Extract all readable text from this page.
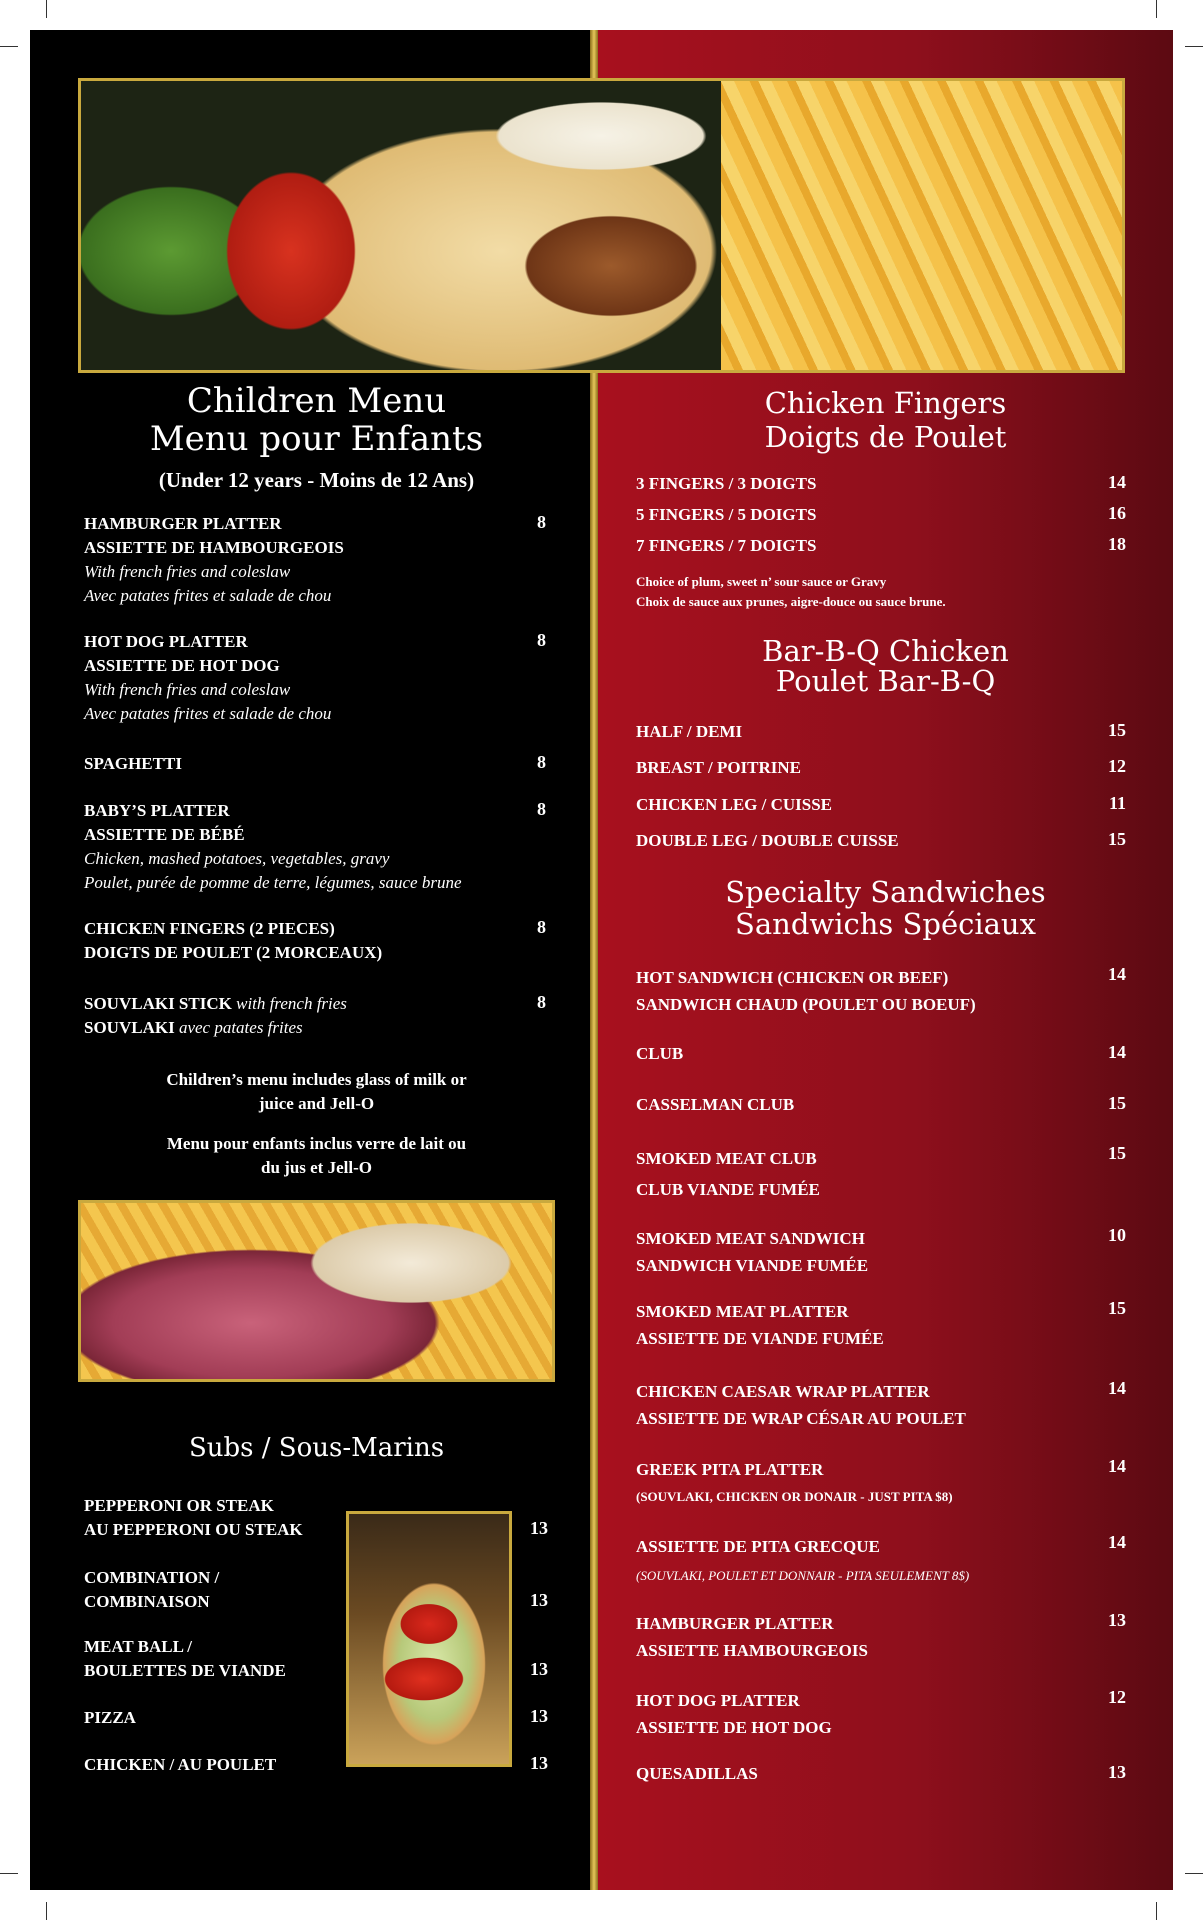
Children Menu
Menu pour Enfants
(Under 12 years - Moins de 12 Ans)
HAMBURGER PLATTER
ASSIETTE DE HAMBOURGEOIS
With french fries and coleslaw
Avec patates frites et salade de chou
8
HOT DOG PLATTER
ASSIETTE DE HOT DOG
With french fries and coleslaw
Avec patates frites et salade de chou
8
SPAGHETTI	8
BABY’S PLATTER
ASSIETTE DE BÉBÉ
Chicken, mashed potatoes, vegetables, gravy
Poulet, purée de pomme de terre, légumes, sauce brune
8
CHICKEN FINGERS (2 PIECES)
DOIGTS DE POULET (2 MORCEAUX)
8
SOUVLAKI STICK with french fries
SOUVLAKI avec patates frites
8
Children’s menu includes glass of milk or
juice and Jell-O
Menu pour enfants inclus verre de lait ou
du jus et Jell-O
Subs / Sous-Marins
PEPPERONI OR STEAK
AU PEPPERONI OU STEAK	13
COMBINATION /
COMBINAISON	13
MEAT BALL /
BOULETTES DE VIANDE	13
PIZZA	13
CHICKEN / AU POULET	13
Chicken Fingers
Doigts de Poulet
3 FINGERS / 3 DOIGTS	14
5 FINGERS / 5 DOIGTS	16
7 FINGERS / 7 DOIGTS	18
Choice of plum, sweet n’ sour sauce or Gravy
Choix de sauce aux prunes, aigre-douce ou sauce brune.
Bar-B-Q Chicken
Poulet Bar-B-Q
HALF / DEMI	15
BREAST / POITRINE	12
CHICKEN LEG / CUISSE	11
DOUBLE LEG / DOUBLE CUISSE	15
Specialty Sandwiches
Sandwichs Spéciaux
HOT SANDWICH (CHICKEN OR BEEF)
SANDWICH CHAUD (POULET OU BOEUF)
14
CLUB	14
CASSELMAN CLUB	15
SMOKED MEAT CLUB
CLUB VIANDE FUMÉE
15
SMOKED MEAT SANDWICH
SANDWICH VIANDE FUMÉE
10
SMOKED MEAT PLATTER
ASSIETTE DE VIANDE FUMÉE
15
CHICKEN CAESAR WRAP PLATTER
ASSIETTE DE WRAP CÉSAR AU POULET
14
GREEK PITA PLATTER
(SOUVLAKI, CHICKEN OR DONAIR - JUST PITA $8)
14
ASSIETTE DE PITA GRECQUE
(SOUVLAKI, POULET ET DONNAIR - PITA SEULEMENT 8$)
14
HAMBURGER PLATTER
ASSIETTE HAMBOURGEOIS
13
HOT DOG PLATTER
ASSIETTE DE HOT DOG
12
QUESADILLAS	13
